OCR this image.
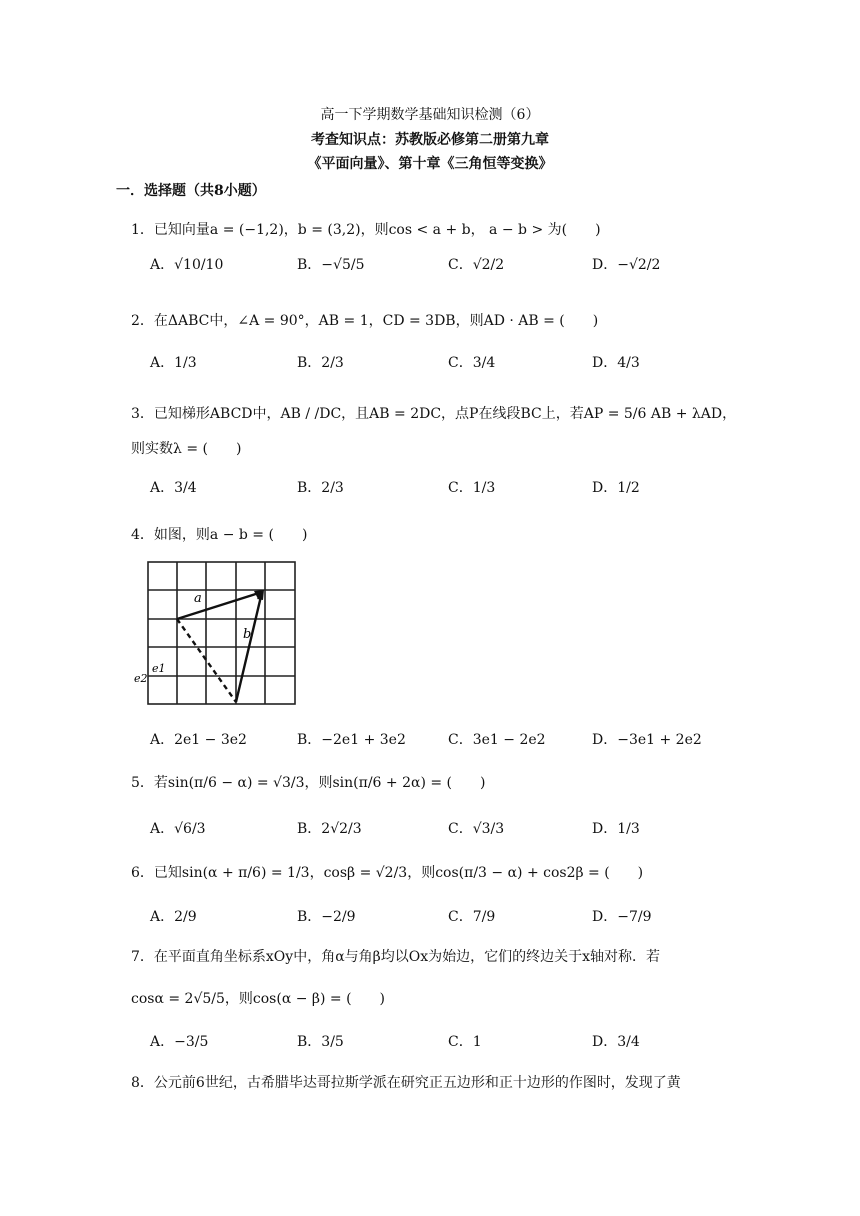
高一下学期数学基础知识检测（6）
考查知识点：苏教版必修第二册第九章
《平面向量》、第十章《三角恒等变换》
一．选择题（共8小题）
1．已知向量a = (−1,2)，b = (3,2)，则cos < a + b， a − b > 为(　　)
A．√10/10	B．−√5/5	C．√2/2	D．−√2/2
2．在ΔABC中，∠A = 90°，AB = 1，CD = 3DB，则AD · AB = (　　)
A．1/3	B．2/3	C．3/4	D．4/3
3．已知梯形ABCD中，AB / /DC，且AB = 2DC，点P在线段BC上，若AP = 5/6 AB + λAD，
则实数λ = (　　)
A．3/4	B．2/3	C．1/3	D．1/2
4．如图，则a − b = (　　)
a
b
e1
e2
A．2e1 − 3e2	B．−2e1 + 3e2	C．3e1 − 2e2	D．−3e1 + 2e2
5．若sin(π/6 − α) = √3/3，则sin(π/6 + 2α) = (　　)
A．√6/3	B．2√2/3	C．√3/3	D．1/3
6．已知sin(α + π/6) = 1/3，cosβ = √2/3，则cos(π/3 − α) + cos2β = (　　)
A．2/9	B．−2/9	C．7/9	D．−7/9
7．在平面直角坐标系xOy中，角α与角β均以Ox为始边，它们的终边关于x轴对称．若
cosα = 2√5/5，则cos(α − β) = (　　)
A．−3/5	B．3/5	C．1	D．3/4
8．公元前6世纪，古希腊毕达哥拉斯学派在研究正五边形和正十边形的作图时，发现了黄
